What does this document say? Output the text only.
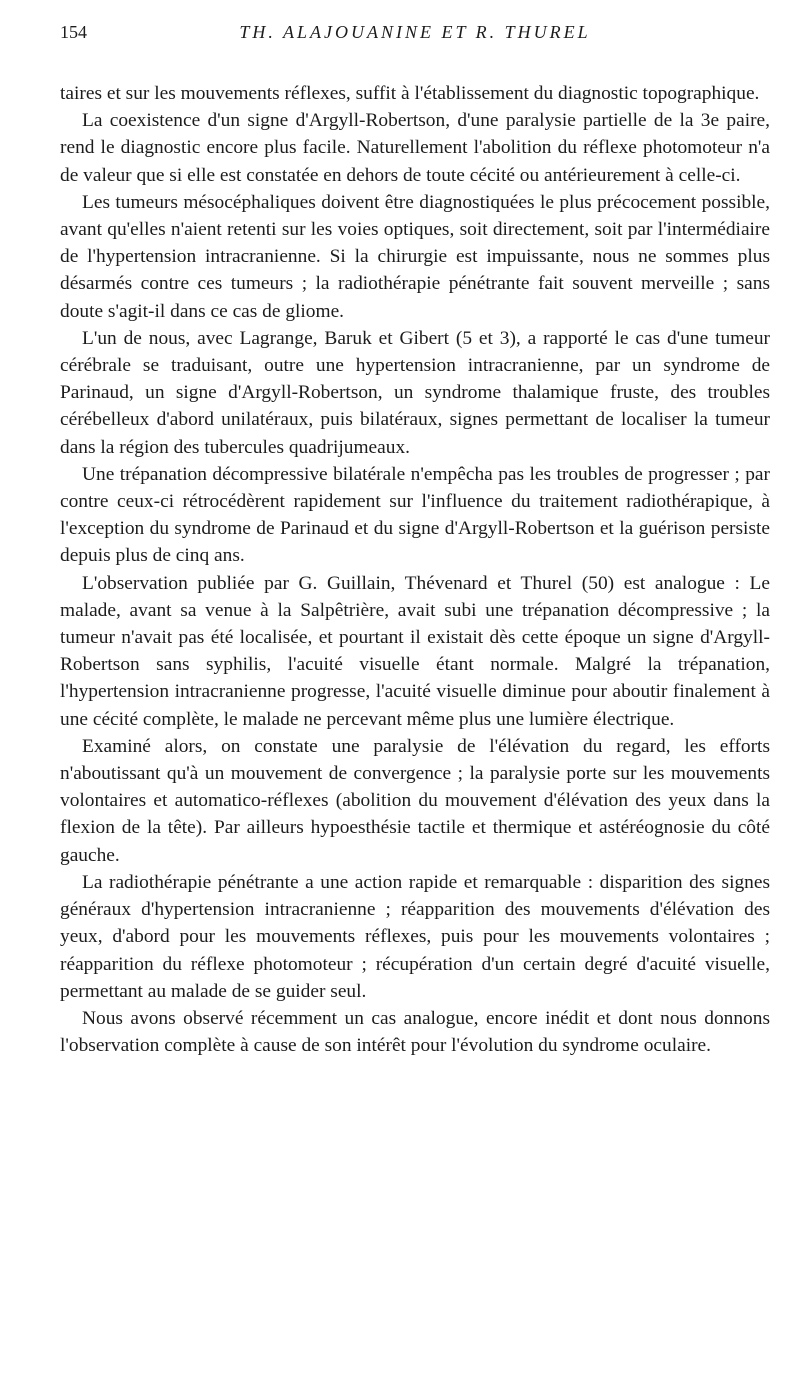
154	TH. ALAJOUANINE ET R. THUREL

taires et sur les mouvements réflexes, suffit à l'établissement du diagnostic topographique.

La coexistence d'un signe d'Argyll-Robertson, d'une paralysie partielle de la 3e paire, rend le diagnostic encore plus facile. Naturellement l'abolition du réflexe photomoteur n'a de valeur que si elle est constatée en dehors de toute cécité ou antérieurement à celle-ci.

Les tumeurs mésocéphaliques doivent être diagnostiquées le plus précocement possible, avant qu'elles n'aient retenti sur les voies optiques, soit directement, soit par l'intermédiaire de l'hypertension intracranienne. Si la chirurgie est impuissante, nous ne sommes plus désarmés contre ces tumeurs ; la radiothérapie pénétrante fait souvent merveille ; sans doute s'agit-il dans ce cas de gliome.

L'un de nous, avec Lagrange, Baruk et Gibert (5 et 3), a rapporté le cas d'une tumeur cérébrale se traduisant, outre une hypertension intracranienne, par un syndrome de Parinaud, un signe d'Argyll-Robertson, un syndrome thalamique fruste, des troubles cérébelleux d'abord unilatéraux, puis bilatéraux, signes permettant de localiser la tumeur dans la région des tubercules quadrijumeaux.

Une trépanation décompressive bilatérale n'empêcha pas les troubles de progresser ; par contre ceux-ci rétrocédèrent rapidement sur l'influence du traitement radiothérapique, à l'exception du syndrome de Parinaud et du signe d'Argyll-Robertson et la guérison persiste depuis plus de cinq ans.

L'observation publiée par G. Guillain, Thévenard et Thurel (50) est analogue : Le malade, avant sa venue à la Salpêtrière, avait subi une trépanation décompressive ; la tumeur n'avait pas été localisée, et pourtant il existait dès cette époque un signe d'Argyll-Robertson sans syphilis, l'acuité visuelle étant normale. Malgré la trépanation, l'hypertension intracranienne progresse, l'acuité visuelle diminue pour aboutir finalement à une cécité complète, le malade ne percevant même plus une lumière électrique.

Examiné alors, on constate une paralysie de l'élévation du regard, les efforts n'aboutissant qu'à un mouvement de convergence ; la paralysie porte sur les mouvements volontaires et automatico-réflexes (abolition du mouvement d'élévation des yeux dans la flexion de la tête). Par ailleurs hypoesthésie tactile et thermique et astéréognosie du côté gauche.

La radiothérapie pénétrante a une action rapide et remarquable : disparition des signes généraux d'hypertension intracranienne ; réapparition des mouvements d'élévation des yeux, d'abord pour les mouvements réflexes, puis pour les mouvements volontaires ; réapparition du réflexe photomoteur ; récupération d'un certain degré d'acuité visuelle, permettant au malade de se guider seul.

Nous avons observé récemment un cas analogue, encore inédit et dont nous donnons l'observation complète à cause de son intérêt pour l'évolution du syndrome oculaire.
